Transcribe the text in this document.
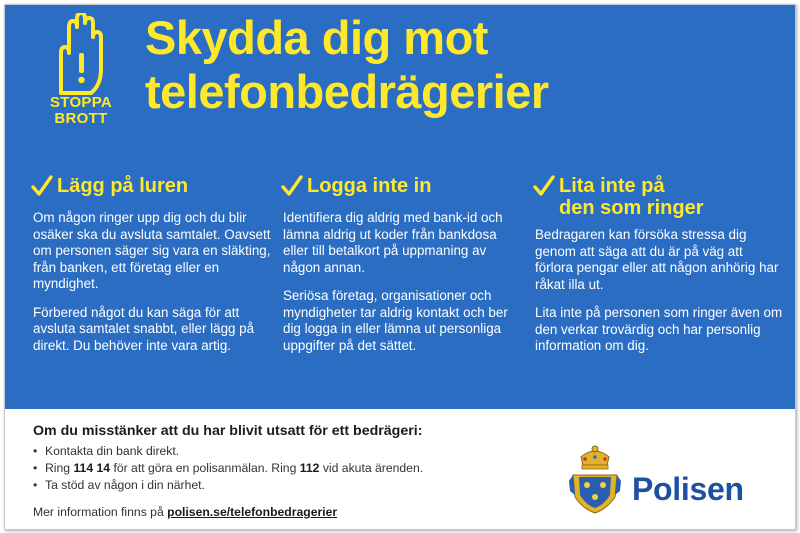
STOPPA
BROTT
Skydda dig mot
telefonbedrägerier
Lägg på luren

Om någon ringer upp dig och du blir osäker ska du avsluta samtalet. Oavsett om personen säger sig vara en släkting, från banken, ett företag eller en myndighet.

Förbered något du kan säga för att avsluta samtalet snabbt, eller lägg på direkt. Du behöver inte vara artig.

Logga inte in

Identifiera dig aldrig med bank-id och lämna aldrig ut koder från bankdosa eller till betalkort på uppmaning av någon annan.

Seriösa företag, organisationer och myndigheter tar aldrig kontakt och ber dig logga in eller lämna ut personliga uppgifter på det sättet.

Lita inte på
den som ringer

Bedragaren kan försöka stressa dig genom att säga att du är på väg att förlora pengar eller att någon anhörig har råkat illa ut.

Lita inte på personen som ringer även om den verkar trovärdig och har personlig information om dig.

Om du misstänker att du har blivit utsatt för ett bedrägeri:
• Kontakta din bank direkt.
• Ring 114 14 för att göra en polisanmälan. Ring 112 vid akuta ärenden.
• Ta stöd av någon i din närhet.
Mer information finns på polisen.se/telefonbedragerier
Polisen
